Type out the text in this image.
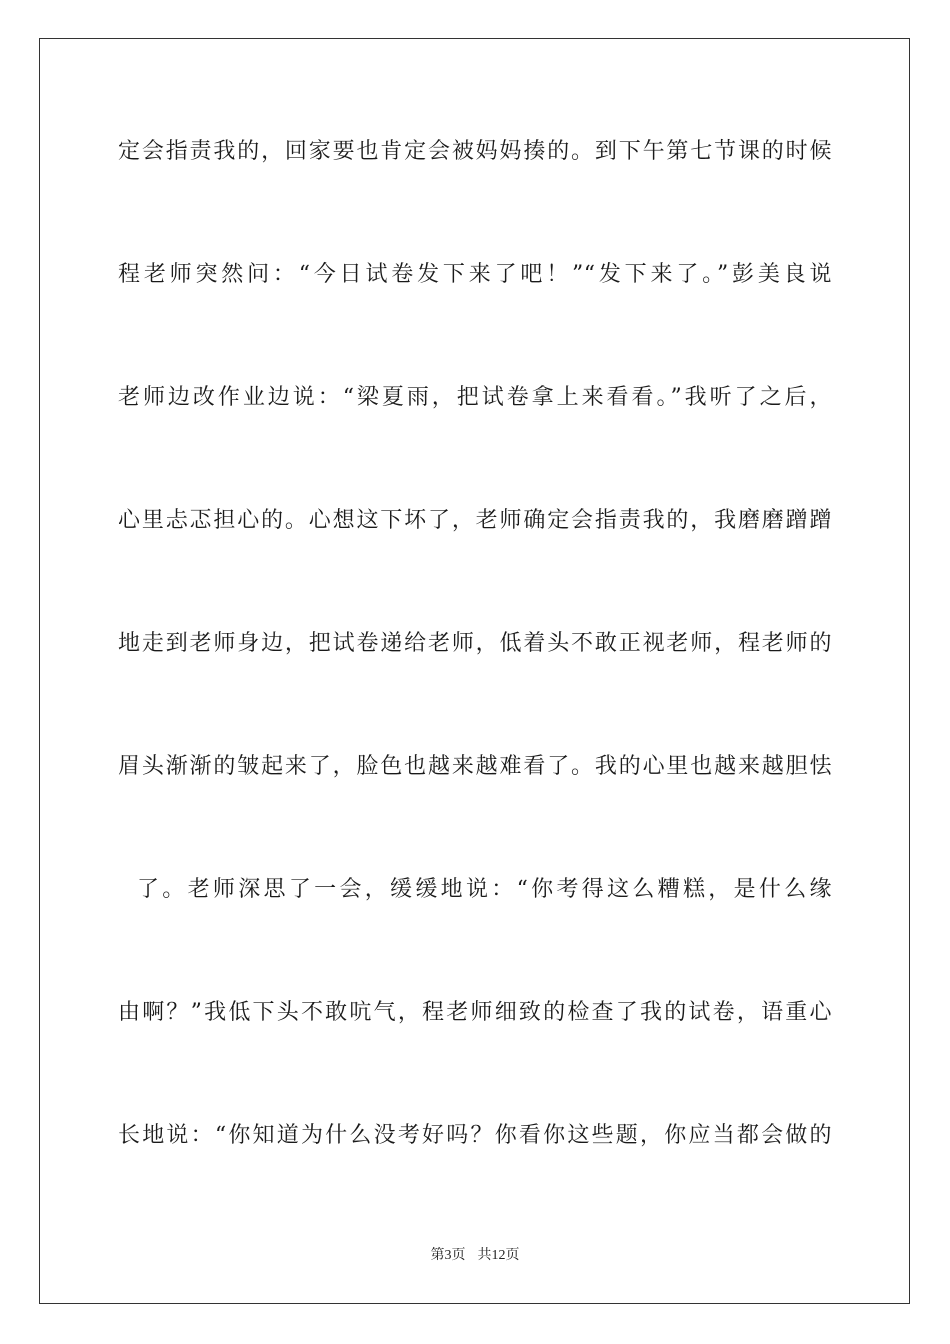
定会指责我的，回家要也肯定会被妈妈揍的。到下午第七节课的时候
程老师突然问：“今日试卷发下来了吧！”“发下来了。”彭美良说
老师边改作业边说：“梁夏雨，把试卷拿上来看看。”我听了之后，
心里忐忑担心的。心想这下坏了，老师确定会指责我的，我磨磨蹭蹭
地走到老师身边，把试卷递给老师，低着头不敢正视老师，程老师的
眉头渐渐的皱起来了，脸色也越来越难看了。我的心里也越来越胆怯
了。老师深思了一会，缓缓地说：“你考得这么糟糕，是什么缘
由啊？”我低下头不敢吭气，程老师细致的检查了我的试卷，语重心
长地说：“你知道为什么没考好吗？你看你这些题，你应当都会做的
第3页 共12页
